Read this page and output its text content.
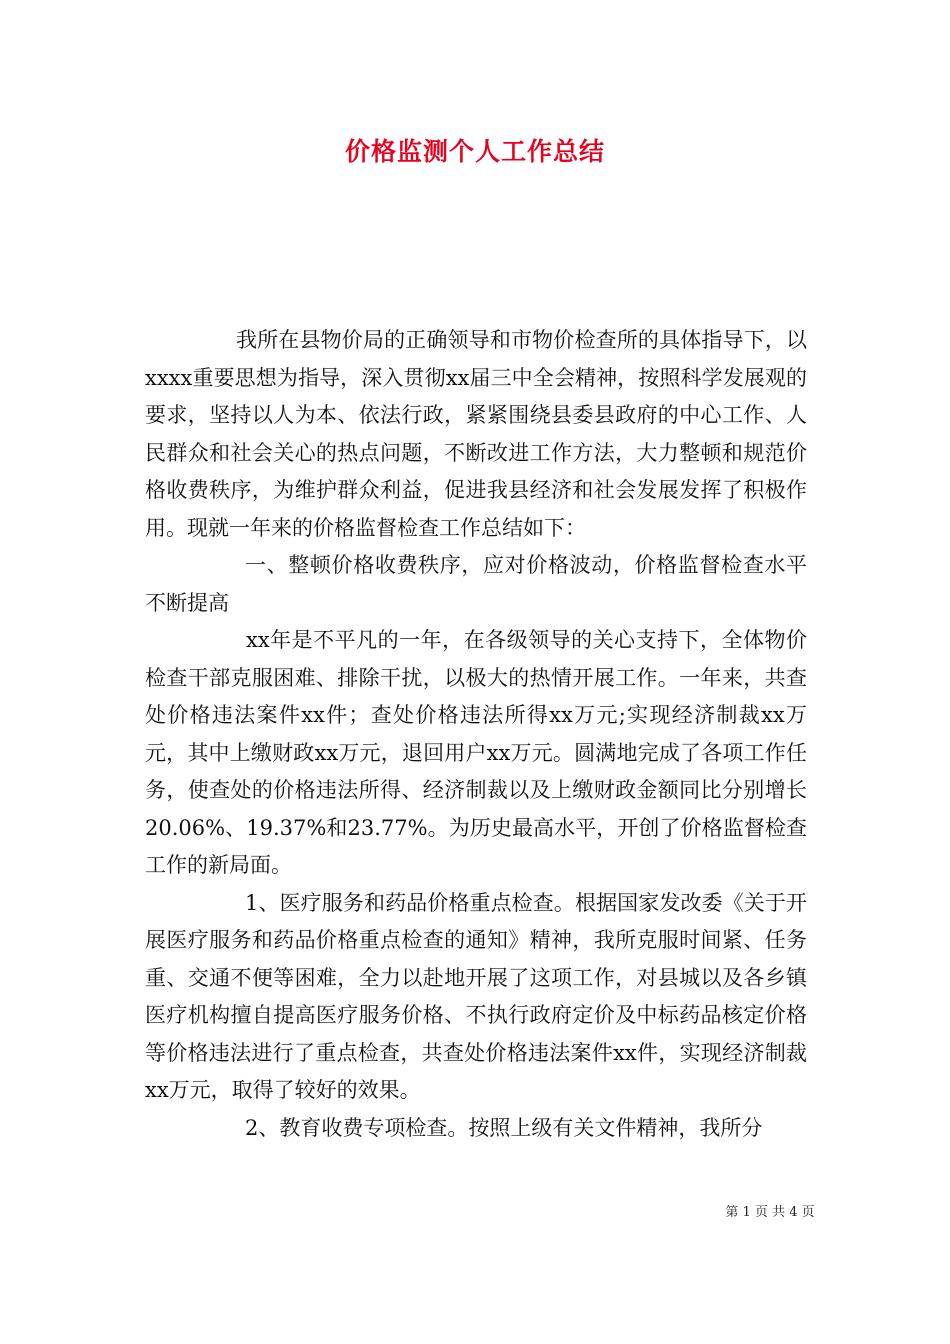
价格监测个人工作总结

我所在县物价局的正确领导和市物价检查所的具体指导下，以xxxx重要思想为指导，深入贯彻xx届三中全会精神，按照科学发展观的要求，坚持以人为本、依法行政，紧紧围绕县委县政府的中心工作、人民群众和社会关心的热点问题，不断改进工作方法，大力整顿和规范价格收费秩序，为维护群众利益，促进我县经济和社会发展发挥了积极作用。现就一年来的价格监督检查工作总结如下：

一、整顿价格收费秩序，应对价格波动，价格监督检查水平不断提高

xx年是不平凡的一年，在各级领导的关心支持下，全体物价检查干部克服困难、排除干扰，以极大的热情开展工作。一年来，共查处价格违法案件xx件；查处价格违法所得xx万元;实现经济制裁xx万元，其中上缴财政xx万元，退回用户xx万元。圆满地完成了各项工作任务，使查处的价格违法所得、经济制裁以及上缴财政金额同比分别增长20.06%、19.37%和23.77%。为历史最高水平，开创了价格监督检查工作的新局面。

1、医疗服务和药品价格重点检查。根据国家发改委《关于开展医疗服务和药品价格重点检查的通知》精神，我所克服时间紧、任务重、交通不便等困难，全力以赴地开展了这项工作，对县城以及各乡镇医疗机构擅自提高医疗服务价格、不执行政府定价及中标药品核定价格等价格违法进行了重点检查，共查处价格违法案件xx件，实现经济制裁xx万元，取得了较好的效果。

2、教育收费专项检查。按照上级有关文件精神，我所分

第 1 页 共 4 页
